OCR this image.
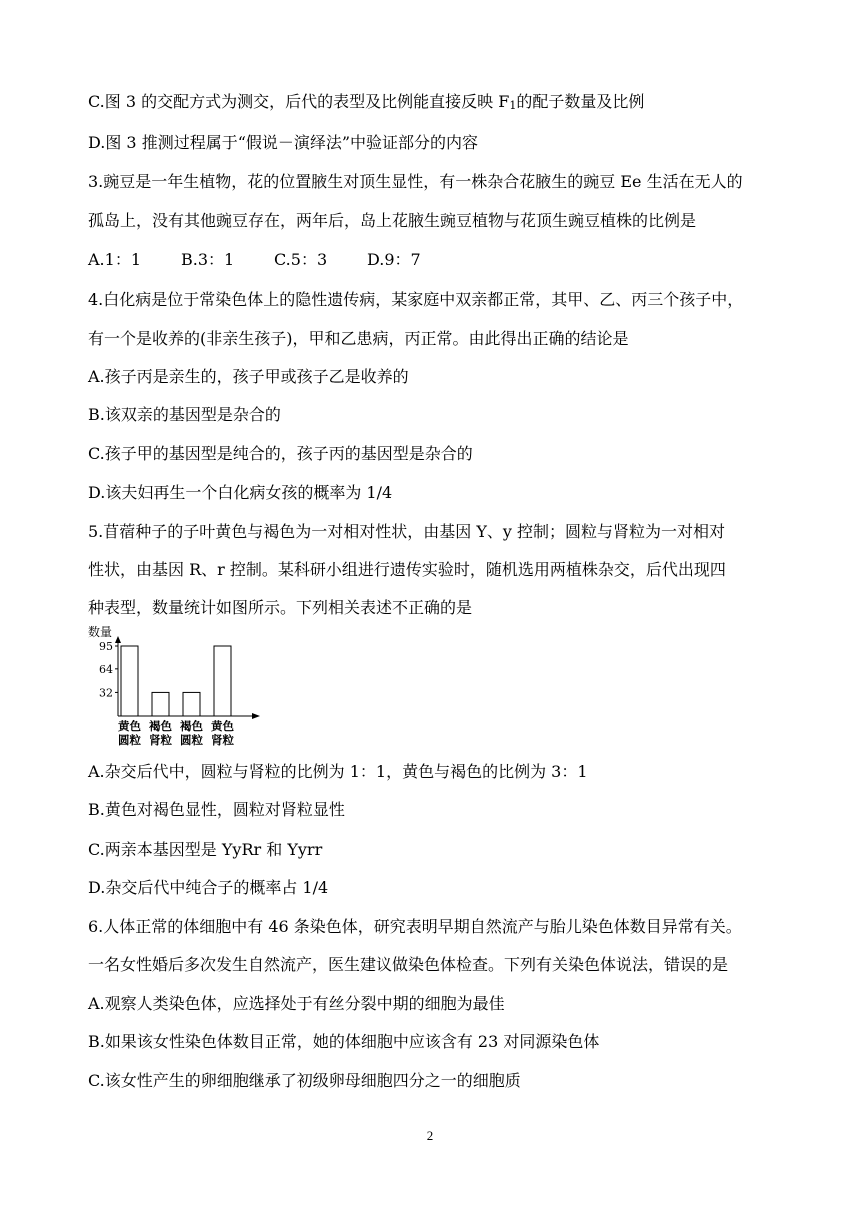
C.图 3 的交配方式为测交，后代的表型及比例能直接反映 $F_1$的配子数量及比例
D.图 3 推测过程属于“假说－演绎法”中验证部分的内容
3.豌豆是一年生植物，花的位置腋生对顶生显性，有一株杂合花腋生的豌豆 Ee 生活在无人的
孤岛上，没有其他豌豆存在，两年后，岛上花腋生豌豆植物与花顶生豌豆植株的比例是
A.1：1 B.3：1 C.5：3 D.9：7
4.白化病是位于常染色体上的隐性遗传病，某家庭中双亲都正常，其甲、乙、丙三个孩子中，
有一个是收养的(非亲生孩子)，甲和乙患病，丙正常。由此得出正确的结论是
A.孩子丙是亲生的，孩子甲或孩子乙是收养的
B.该双亲的基因型是杂合的
C.孩子甲的基因型是纯合的，孩子丙的基因型是杂合的
D.该夫妇再生一个白化病女孩的概率为 1/4
5.苜蓿种子的子叶黄色与褐色为一对相对性状，由基因 Y、y 控制；圆粒与肾粒为一对相对
性状，由基因 R、r 控制。某科研小组进行遗传实验时，随机选用两植株杂交，后代出现四
种表型，数量统计如图所示。下列相关表述不正确的是
数量
32
64
95
黄色
圆粒
褐色
肾粒
褐色
圆粒
黄色
肾粒
A.杂交后代中，圆粒与肾粒的比例为 1：1，黄色与褐色的比例为 3：1
B.黄色对褐色显性，圆粒对肾粒显性
C.两亲本基因型是 YyRr 和 Yyrr
D.杂交后代中纯合子的概率占 1/4
6.人体正常的体细胞中有 46 条染色体，研究表明早期自然流产与胎儿染色体数目异常有关。
一名女性婚后多次发生自然流产，医生建议做染色体检查。下列有关染色体说法，错误的是
A.观察人类染色体，应选择处于有丝分裂中期的细胞为最佳
B.如果该女性染色体数目正常，她的体细胞中应该含有 23 对同源染色体
C.该女性产生的卵细胞继承了初级卵母细胞四分之一的细胞质
2
